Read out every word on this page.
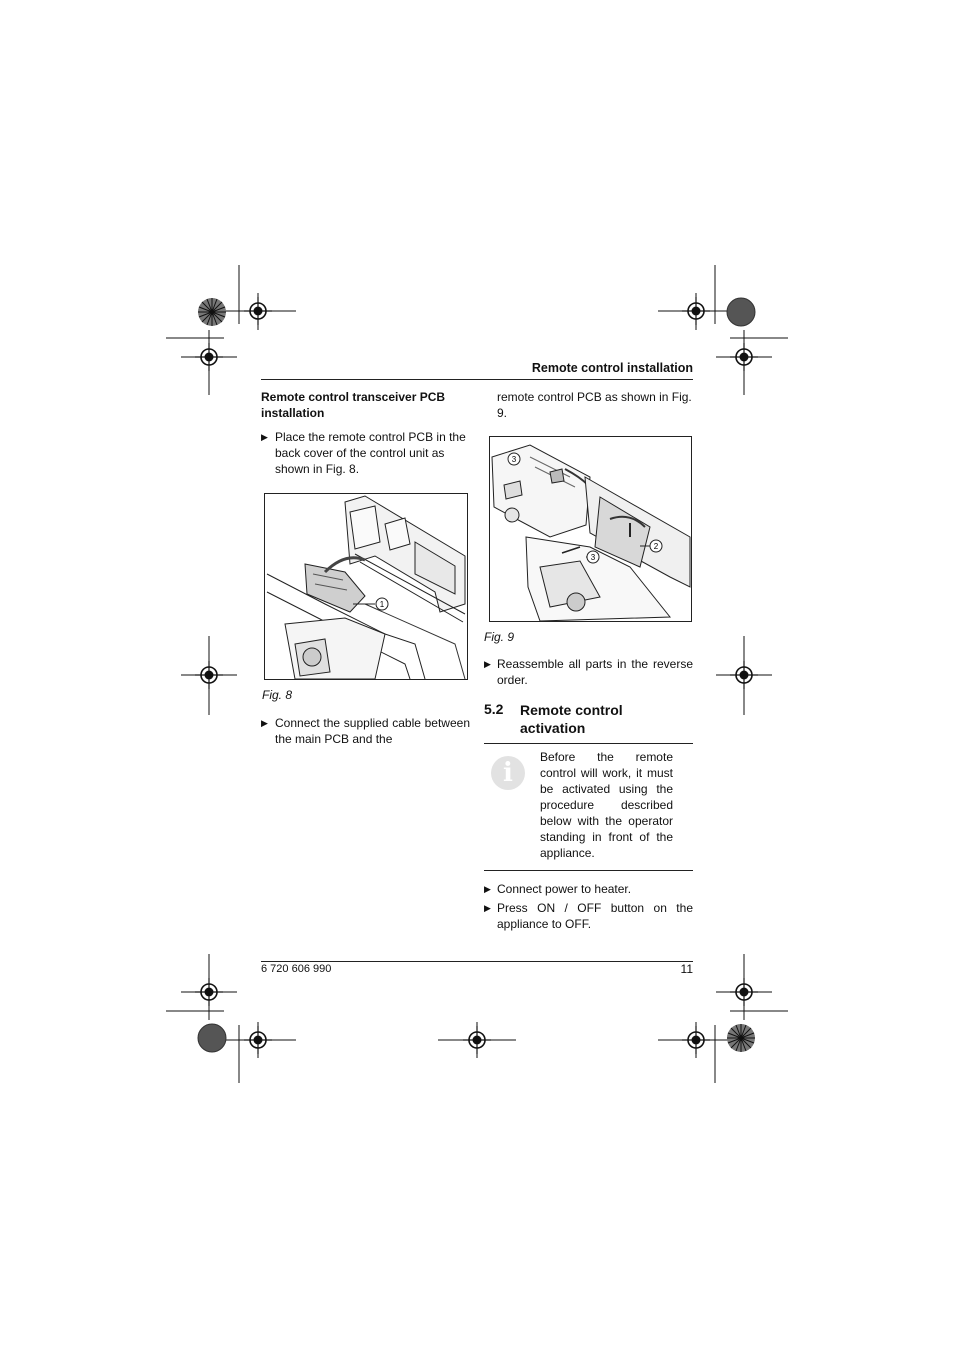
Remote control installation
Remote control transceiver PCB installation
▶ Place the remote control PCB in the back cover of the control unit as shown in Fig. 8.
1
Fig. 8
▶ Connect the supplied cable between the main PCB and the
remote control PCB as shown in Fig. 9.
3
3
2
Fig. 9
▶ Reassemble all parts in the reverse order.
5.2 Remote control activation
i
Before the remote control will work, it must be activated using the procedure described below with the operator standing in front of the appliance.
▶ Connect power to heater.
▶ Press ON / OFF button on the appliance to OFF.
6 720 606 990	11
